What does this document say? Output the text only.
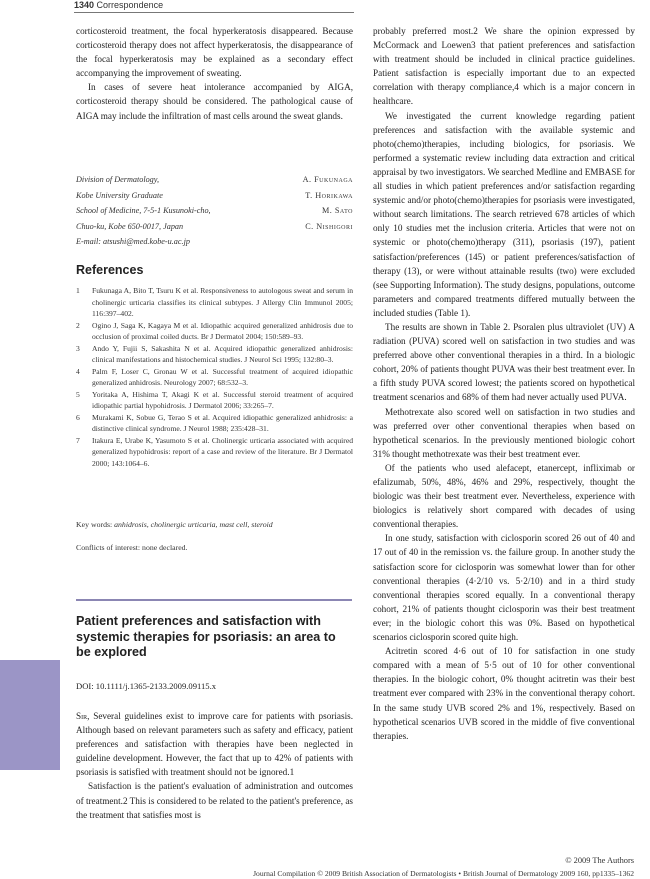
1340 Correspondence

corticosteroid treatment, the focal hyperkeratosis disappeared. Because corticosteroid therapy does not affect hyperkeratosis, the disappearance of the focal hyperkeratosis may be explained as a secondary effect accompanying the improvement of sweating.

In cases of severe heat intolerance accompanied by AIGA, corticosteroid therapy should be considered. The pathological cause of AIGA may include the infiltration of mast cells around the sweat glands.

Division of Dermatology,
Kobe University Graduate
School of Medicine, 7-5-1 Kusunoki-cho,
Chuo-ku, Kobe 650-0017, Japan
E-mail: atsushi@med.kobe-u.ac.jp
A. Fukunaga
T. Horikawa
M. Sato
C. Nishigori
References
1 Fukunaga A, Bito T, Tsuru K et al. Responsiveness to autologous sweat and serum in cholinergic urticaria classifies its clinical subtypes. J Allergy Clin Immunol 2005; 116:397–402.
2 Ogino J, Saga K, Kagaya M et al. Idiopathic acquired generalized anhidrosis due to occlusion of proximal coiled ducts. Br J Dermatol 2004; 150:589–93.
3 Ando Y, Fujii S, Sakashita N et al. Acquired idiopathic generalized anhidrosis: clinical manifestations and histochemical studies. J Neurol Sci 1995; 132:80–3.
4 Palm F, Loser C, Gronau W et al. Successful treatment of acquired idiopathic generalized anhidrosis. Neurology 2007; 68:532–3.
5 Yoritaka A, Hishima T, Akagi K et al. Successful steroid treatment of acquired idiopathic partial hypohidrosis. J Dermatol 2006; 33:265–7.
6 Murakami K, Sobue G, Terao S et al. Acquired idiopathic generalized anhidrosis: a distinctive clinical syndrome. J Neurol 1988; 235:428–31.
7 Itakura E, Urabe K, Yasumoto S et al. Cholinergic urticaria associated with acquired generalized hypohidrosis: report of a case and review of the literature. Br J Dermatol 2000; 143:1064–6.
Key words: anhidrosis, cholinergic urticaria, mast cell, steroid
Conflicts of interest: none declared.
Patient preferences and satisfaction with systemic therapies for psoriasis: an area to be explored
DOI: 10.1111/j.1365-2133.2009.09115.x

Sir, Several guidelines exist to improve care for patients with psoriasis. Although based on relevant parameters such as safety and efficacy, patient preferences and satisfaction with therapies have been neglected in guideline development. However, the fact that up to 42% of patients with psoriasis is satisfied with treatment should not be ignored.1

Satisfaction is the patient's evaluation of administration and outcomes of treatment.2 This is considered to be related to the patient's preference, as the treatment that satisfies most is

probably preferred most.2 We share the opinion expressed by McCormack and Loewen3 that patient preferences and satisfaction with treatment should be included in clinical practice guidelines. Patient satisfaction is especially important due to an expected correlation with therapy compliance,4 which is a major concern in healthcare.

We investigated the current knowledge regarding patient preferences and satisfaction with the available systemic and photo(chemo)therapies, including biologics, for psoriasis. We performed a systematic review including data extraction and critical appraisal by two investigators. We searched Medline and EMBASE for all studies in which patient preferences and/or satisfaction regarding systemic and/or photo(chemo)therapies for psoriasis were investigated, without search limitations. The search retrieved 678 articles of which only 10 studies met the inclusion criteria. Articles that were not on systemic or photo(chemo)therapy (311), psoriasis (197), patient satisfaction/preferences (145) or patient preferences/satisfaction of therapy (13), or were without attainable results (two) were excluded (see Supporting Information). The study designs, populations, outcome parameters and compared treatments differed mutually between the included studies (Table 1).

The results are shown in Table 2. Psoralen plus ultraviolet (UV) A radiation (PUVA) scored well on satisfaction in two studies and was preferred above other conventional therapies in a third. In a biologic cohort, 20% of patients thought PUVA was their best treatment ever. In a fifth study PUVA scored lowest; the patients scored on hypothetical treatment scenarios and 68% of them had never actually used PUVA.

Methotrexate also scored well on satisfaction in two studies and was preferred over other conventional therapies when based on hypothetical scenarios. In the previously mentioned biologic cohort 31% thought methotrexate was their best treatment ever.

Of the patients who used alefacept, etanercept, infliximab or efalizumab, 50%, 48%, 46% and 29%, respectively, thought the biologic was their best treatment ever. Nevertheless, experience with biologics is relatively short compared with decades of using conventional therapies.

In one study, satisfaction with ciclosporin scored 26 out of 40 and 17 out of 40 in the remission vs. the failure group. In another study the satisfaction score for ciclosporin was somewhat lower than for other conventional therapies (4·2/10 vs. 5·2/10) and in a third study conventional therapies scored equally. In a conventional therapy cohort, 21% of patients thought ciclosporin was their best treatment ever; in the biologic cohort this was 0%. Based on hypothetical scenarios ciclosporin scored quite high.

Acitretin scored 4·6 out of 10 for satisfaction in one study compared with a mean of 5·5 out of 10 for other conventional therapies. In the biologic cohort, 0% thought acitretin was their best treatment ever compared with 23% in the conventional therapy cohort. In the same study UVB scored 2% and 1%, respectively. Based on hypothetical scenarios UVB scored in the middle of five conventional therapies.

© 2009 The Authors
Journal Compilation © 2009 British Association of Dermatologists • British Journal of Dermatology 2009 160, pp1335–1362
